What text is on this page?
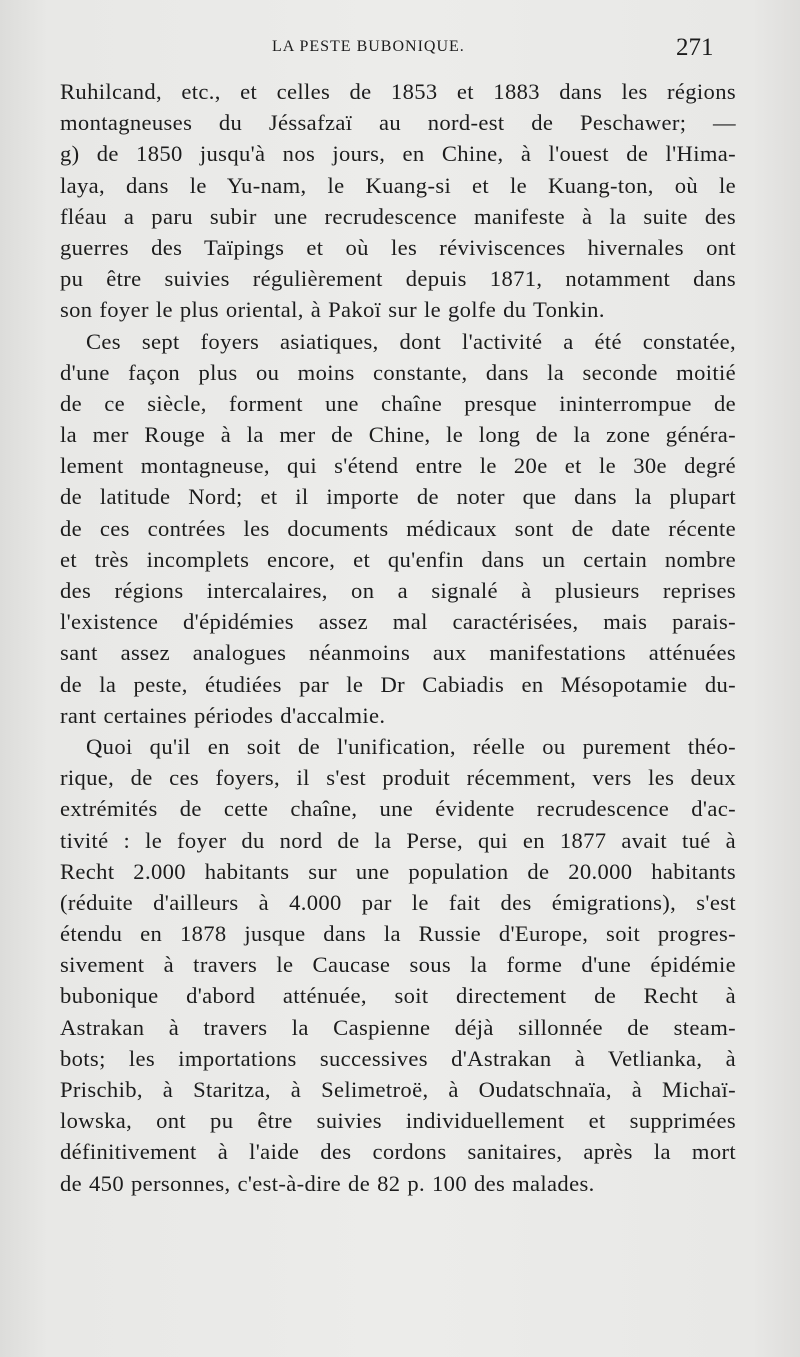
LA PESTE BUBONIQUE.	271
Ruhilcand, etc., et celles de 1853 et 1883 dans les régions
montagneuses du Jéssafzaï au nord-est de Peschawer; —
g) de 1850 jusqu'à nos jours, en Chine, à l'ouest de l'Hima-
laya, dans le Yu-nam, le Kuang-si et le Kuang-ton, où le
fléau a paru subir une recrudescence manifeste à la suite des
guerres des Taïpings et où les réviviscences hivernales ont
pu être suivies régulièrement depuis 1871, notamment dans
son foyer le plus oriental, à Pakoï sur le golfe du Tonkin.
Ces sept foyers asiatiques, dont l'activité a été constatée,
d'une façon plus ou moins constante, dans la seconde moitié
de ce siècle, forment une chaîne presque ininterrompue de
la mer Rouge à la mer de Chine, le long de la zone généra-
lement montagneuse, qui s'étend entre le 20e et le 30e degré
de latitude Nord; et il importe de noter que dans la plupart
de ces contrées les documents médicaux sont de date récente
et très incomplets encore, et qu'enfin dans un certain nombre
des régions intercalaires, on a signalé à plusieurs reprises
l'existence d'épidémies assez mal caractérisées, mais parais-
sant assez analogues néanmoins aux manifestations atténuées
de la peste, étudiées par le Dr Cabiadis en Mésopotamie du-
rant certaines périodes d'accalmie.
Quoi qu'il en soit de l'unification, réelle ou purement théo-
rique, de ces foyers, il s'est produit récemment, vers les deux
extrémités de cette chaîne, une évidente recrudescence d'ac-
tivité : le foyer du nord de la Perse, qui en 1877 avait tué à
Recht 2.000 habitants sur une population de 20.000 habitants
(réduite d'ailleurs à 4.000 par le fait des émigrations), s'est
étendu en 1878 jusque dans la Russie d'Europe, soit progres-
sivement à travers le Caucase sous la forme d'une épidémie
bubonique d'abord atténuée, soit directement de Recht à
Astrakan à travers la Caspienne déjà sillonnée de steam-
bots; les importations successives d'Astrakan à Vetlianka, à
Prischib, à Staritza, à Selimetroë, à Oudatschnaïa, à Michaï-
lowska, ont pu être suivies individuellement et supprimées
définitivement à l'aide des cordons sanitaires, après la mort
de 450 personnes, c'est-à-dire de 82 p. 100 des malades.
